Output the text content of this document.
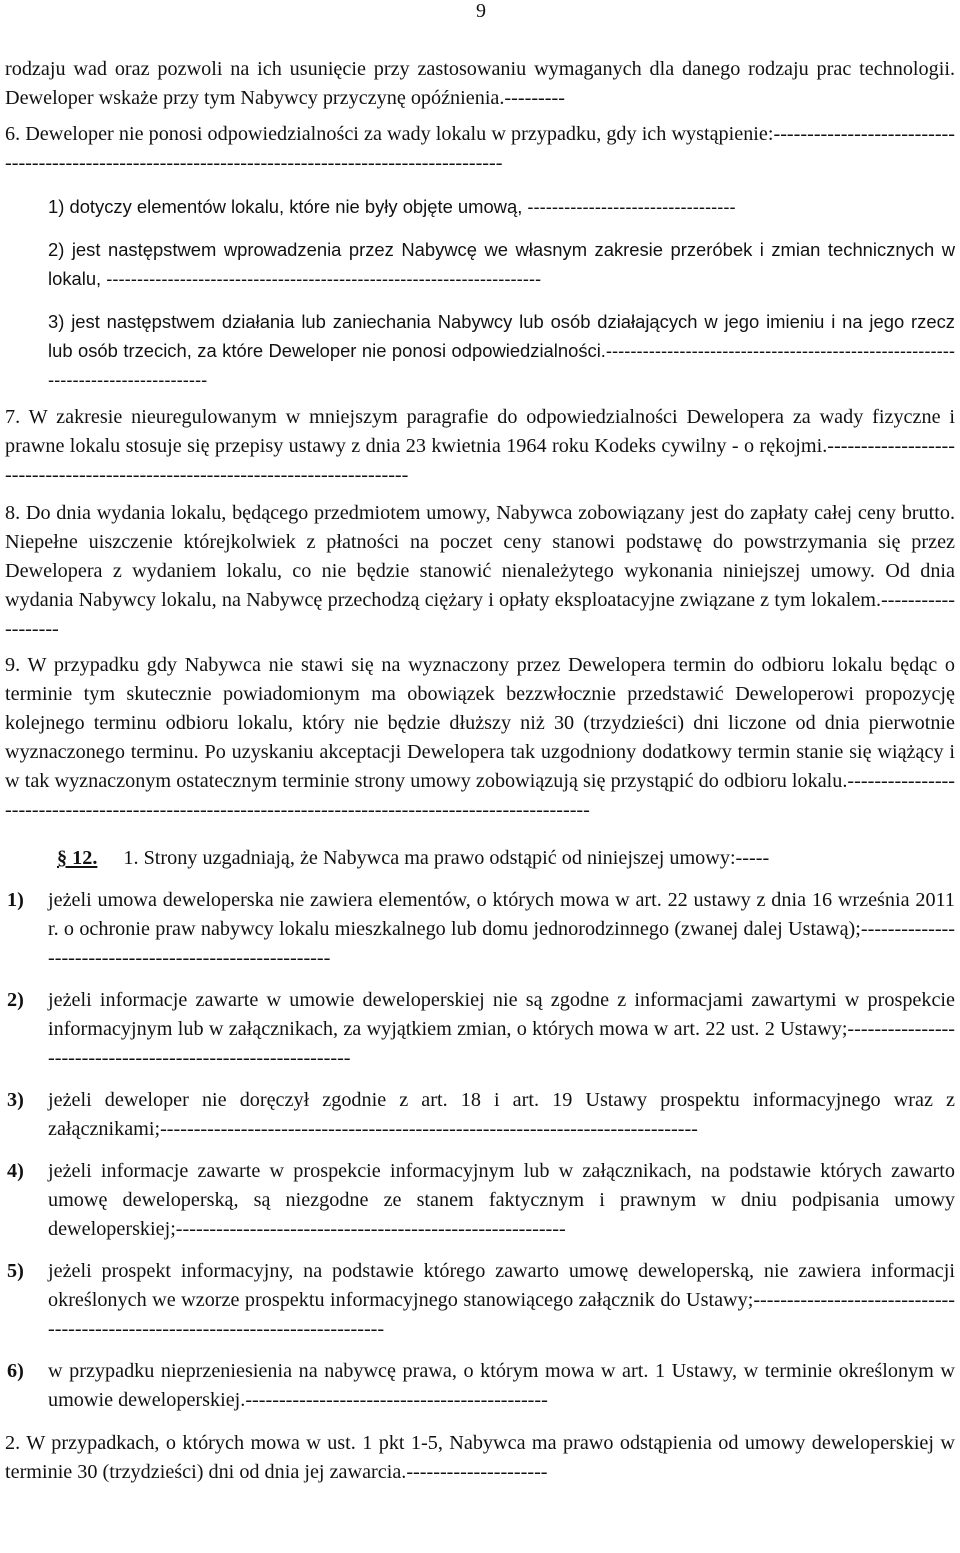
9

rodzaju wad oraz pozwoli na ich usunięcie przy zastosowaniu wymaganych dla danego rodzaju prac technologii. Deweloper wskaże przy tym Nabywcy przyczynę opóźnienia.---------

6. Deweloper nie ponosi odpowiedzialności za wady lokalu w przypadku, gdy ich wystąpienie:-----------------------------------------------------------------------------------------------------

1) dotyczy elementów lokalu, które nie były objęte umową, ----------------------------------

2) jest następstwem wprowadzenia przez Nabywcę we własnym zakresie przeróbek i zmian technicznych w lokalu, -----------------------------------------------------------------------

3) jest następstwem działania lub zaniechania Nabywcy lub osób działających w jego imieniu i na jego rzecz lub osób trzecich, za które Deweloper nie ponosi odpowiedzialności.-----------------------------------------------------------------------------------

7. W zakresie nieuregulowanym w mniejszym paragrafie do odpowiedzialności Dewelopera za wady fizyczne i prawne lokalu stosuje się przepisy ustawy z dnia 23 kwietnia 1964 roku Kodeks cywilny - o rękojmi.-------------------------------------------------------------------------------

8. Do dnia wydania lokalu, będącego przedmiotem umowy, Nabywca zobowiązany jest do zapłaty całej ceny brutto. Niepełne uiszczenie którejkolwiek z płatności na poczet ceny stanowi podstawę do powstrzymania się przez Dewelopera z wydaniem lokalu, co nie będzie stanowić nienależytego wykonania niniejszej umowy. Od dnia wydania Nabywcy lokalu, na Nabywcę przechodzą ciężary i opłaty eksploatacyjne związane z tym lokalem.-------------------

9. W przypadku gdy Nabywca nie stawi się na wyznaczony przez Dewelopera termin do odbioru lokalu będąc o terminie tym skutecznie powiadomionym ma obowiązek bezzwłocznie przedstawić Deweloperowi propozycję kolejnego terminu odbioru lokalu, który nie będzie dłuższy niż 30 (trzydzieści) dni liczone od dnia pierwotnie wyznaczonego terminu. Po uzyskaniu akceptacji Dewelopera tak uzgodniony dodatkowy termin stanie się wiążący i w tak wyznaczonym ostatecznym terminie strony umowy zobowiązują się przystąpić do odbioru lokalu.-------------------------------------------------------------------------------------------------------

§ 12. 1. Strony uzgadniają, że Nabywca ma prawo odstąpić od niniejszej umowy:-----
1) jeżeli umowa deweloperska nie zawiera elementów, o których mowa w art. 22 ustawy z dnia 16 września 2011 r. o ochronie praw nabywcy lokalu mieszkalnego lub domu jednorodzinnego (zwanej dalej Ustawą);--------------------------------------------------------

2) jeżeli informacje zawarte w umowie deweloperskiej nie są zgodne z informacjami zawartymi w prospekcie informacyjnym lub w załącznikach, za wyjątkiem zmian, o których mowa w art. 22 ust. 2 Ustawy;-------------------------------------------------------------

3) jeżeli deweloper nie doręczył zgodnie z art. 18 i art. 19 Ustawy prospektu informacyjnego wraz z załącznikami;--------------------------------------------------------------------------------

4) jeżeli informacje zawarte w prospekcie informacyjnym lub w załącznikach, na podstawie których zawarto umowę deweloperską, są niezgodne ze stanem faktycznym i prawnym w dniu podpisania umowy deweloperskiej;----------------------------------------------------------

5) jeżeli prospekt informacyjny, na podstawie którego zawarto umowę deweloperską, nie zawiera informacji określonych we wzorze prospektu informacyjnego stanowiącego załącznik do Ustawy;--------------------------------------------------------------------------------

6) w przypadku nieprzeniesienia na nabywcę prawa, o którym mowa w art. 1 Ustawy, w terminie określonym w umowie deweloperskiej.---------------------------------------------

2. W przypadkach, o których mowa w ust. 1 pkt 1-5, Nabywca ma prawo odstąpienia od umowy deweloperskiej w terminie 30 (trzydzieści) dni od dnia jej zawarcia.---------------------
